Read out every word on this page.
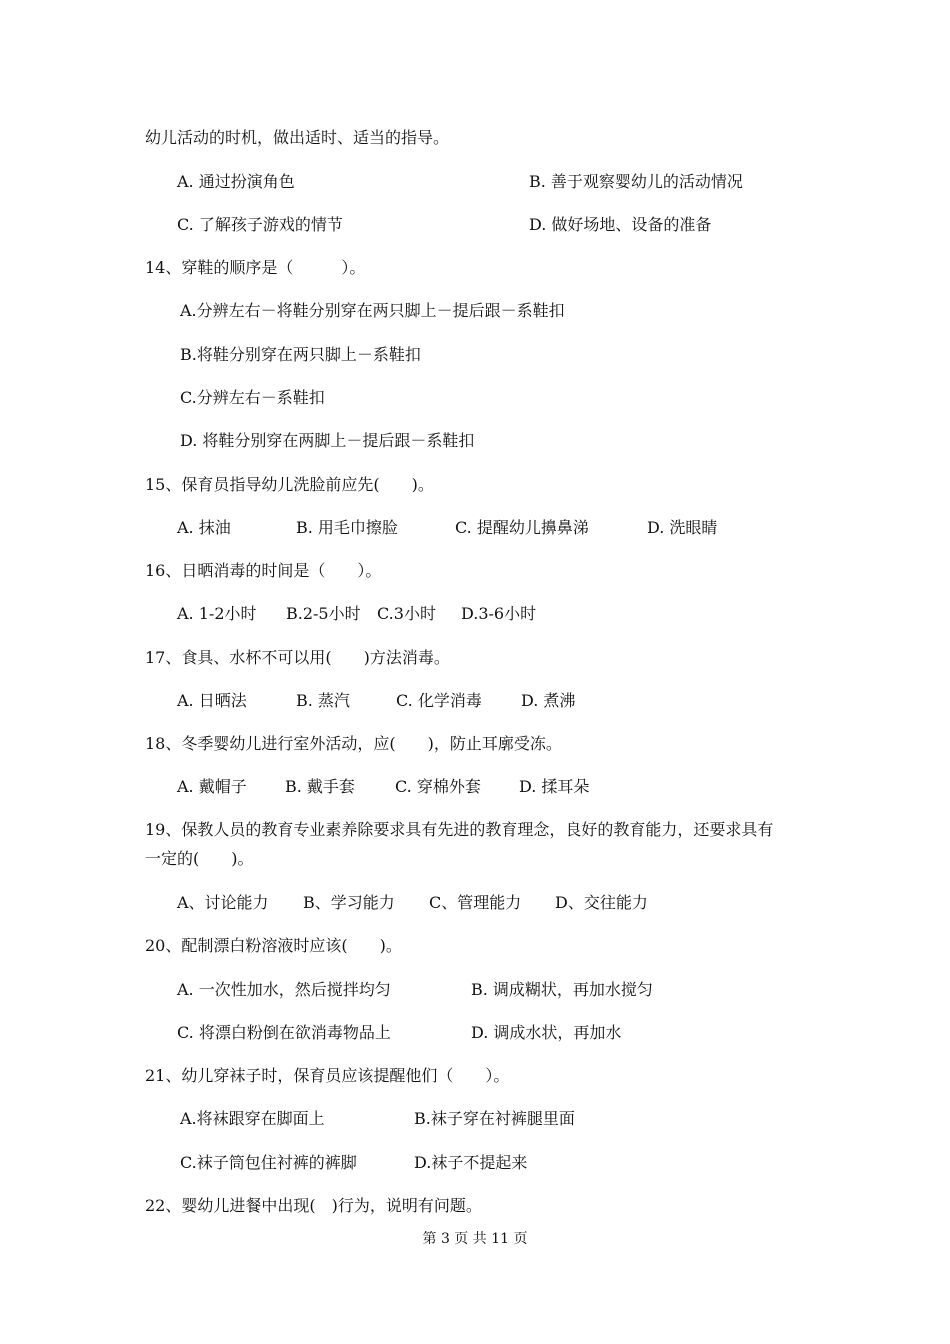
幼儿活动的时机，做出适时、适当的指导。
A. 通过扮演角色	B. 善于观察婴幼儿的活动情况
C. 了解孩子游戏的情节	D. 做好场地、设备的准备
14、穿鞋的顺序是（　　　）。
A.分辨左右－将鞋分别穿在两只脚上－提后跟－系鞋扣
B.将鞋分别穿在两只脚上－系鞋扣
C.分辨左右－系鞋扣
D. 将鞋分别穿在两脚上－提后跟－系鞋扣
15、保育员指导幼儿洗脸前应先(　　)。
A. 抹油	B. 用毛巾擦脸	C. 提醒幼儿擤鼻涕	D. 洗眼睛
16、日晒消毒的时间是（　　）。
A. 1-2小时 B.2-5小时 C.3小时 D.3-6小时
17、食具、水杯不可以用(　　)方法消毒。
A. 日晒法	B. 蒸汽	C. 化学消毒 D. 煮沸
18、冬季婴幼儿进行室外活动，应(　　)，防止耳廓受冻。
A. 戴帽子 B. 戴手套	C. 穿棉外套 D. 揉耳朵
19、保教人员的教育专业素养除要求具有先进的教育理念，良好的教育能力，还要求具有
一定的(　　)。
A、讨论能力 B、学习能力 C、管理能力 D、交往能力
20、配制漂白粉溶液时应该(　　)。
A. 一次性加水，然后搅拌均匀	B. 调成糊状，再加水搅匀
C. 将漂白粉倒在欲消毒物品上	D. 调成水状，再加水
21、幼儿穿袜子时，保育员应该提醒他们（　　）。
A.将袜跟穿在脚面上	B.袜子穿在衬裤腿里面
C.袜子筒包住衬裤的裤脚	D.袜子不提起来
22、婴幼儿进餐中出现(　)行为，说明有问题。
第 3 页 共 11 页
